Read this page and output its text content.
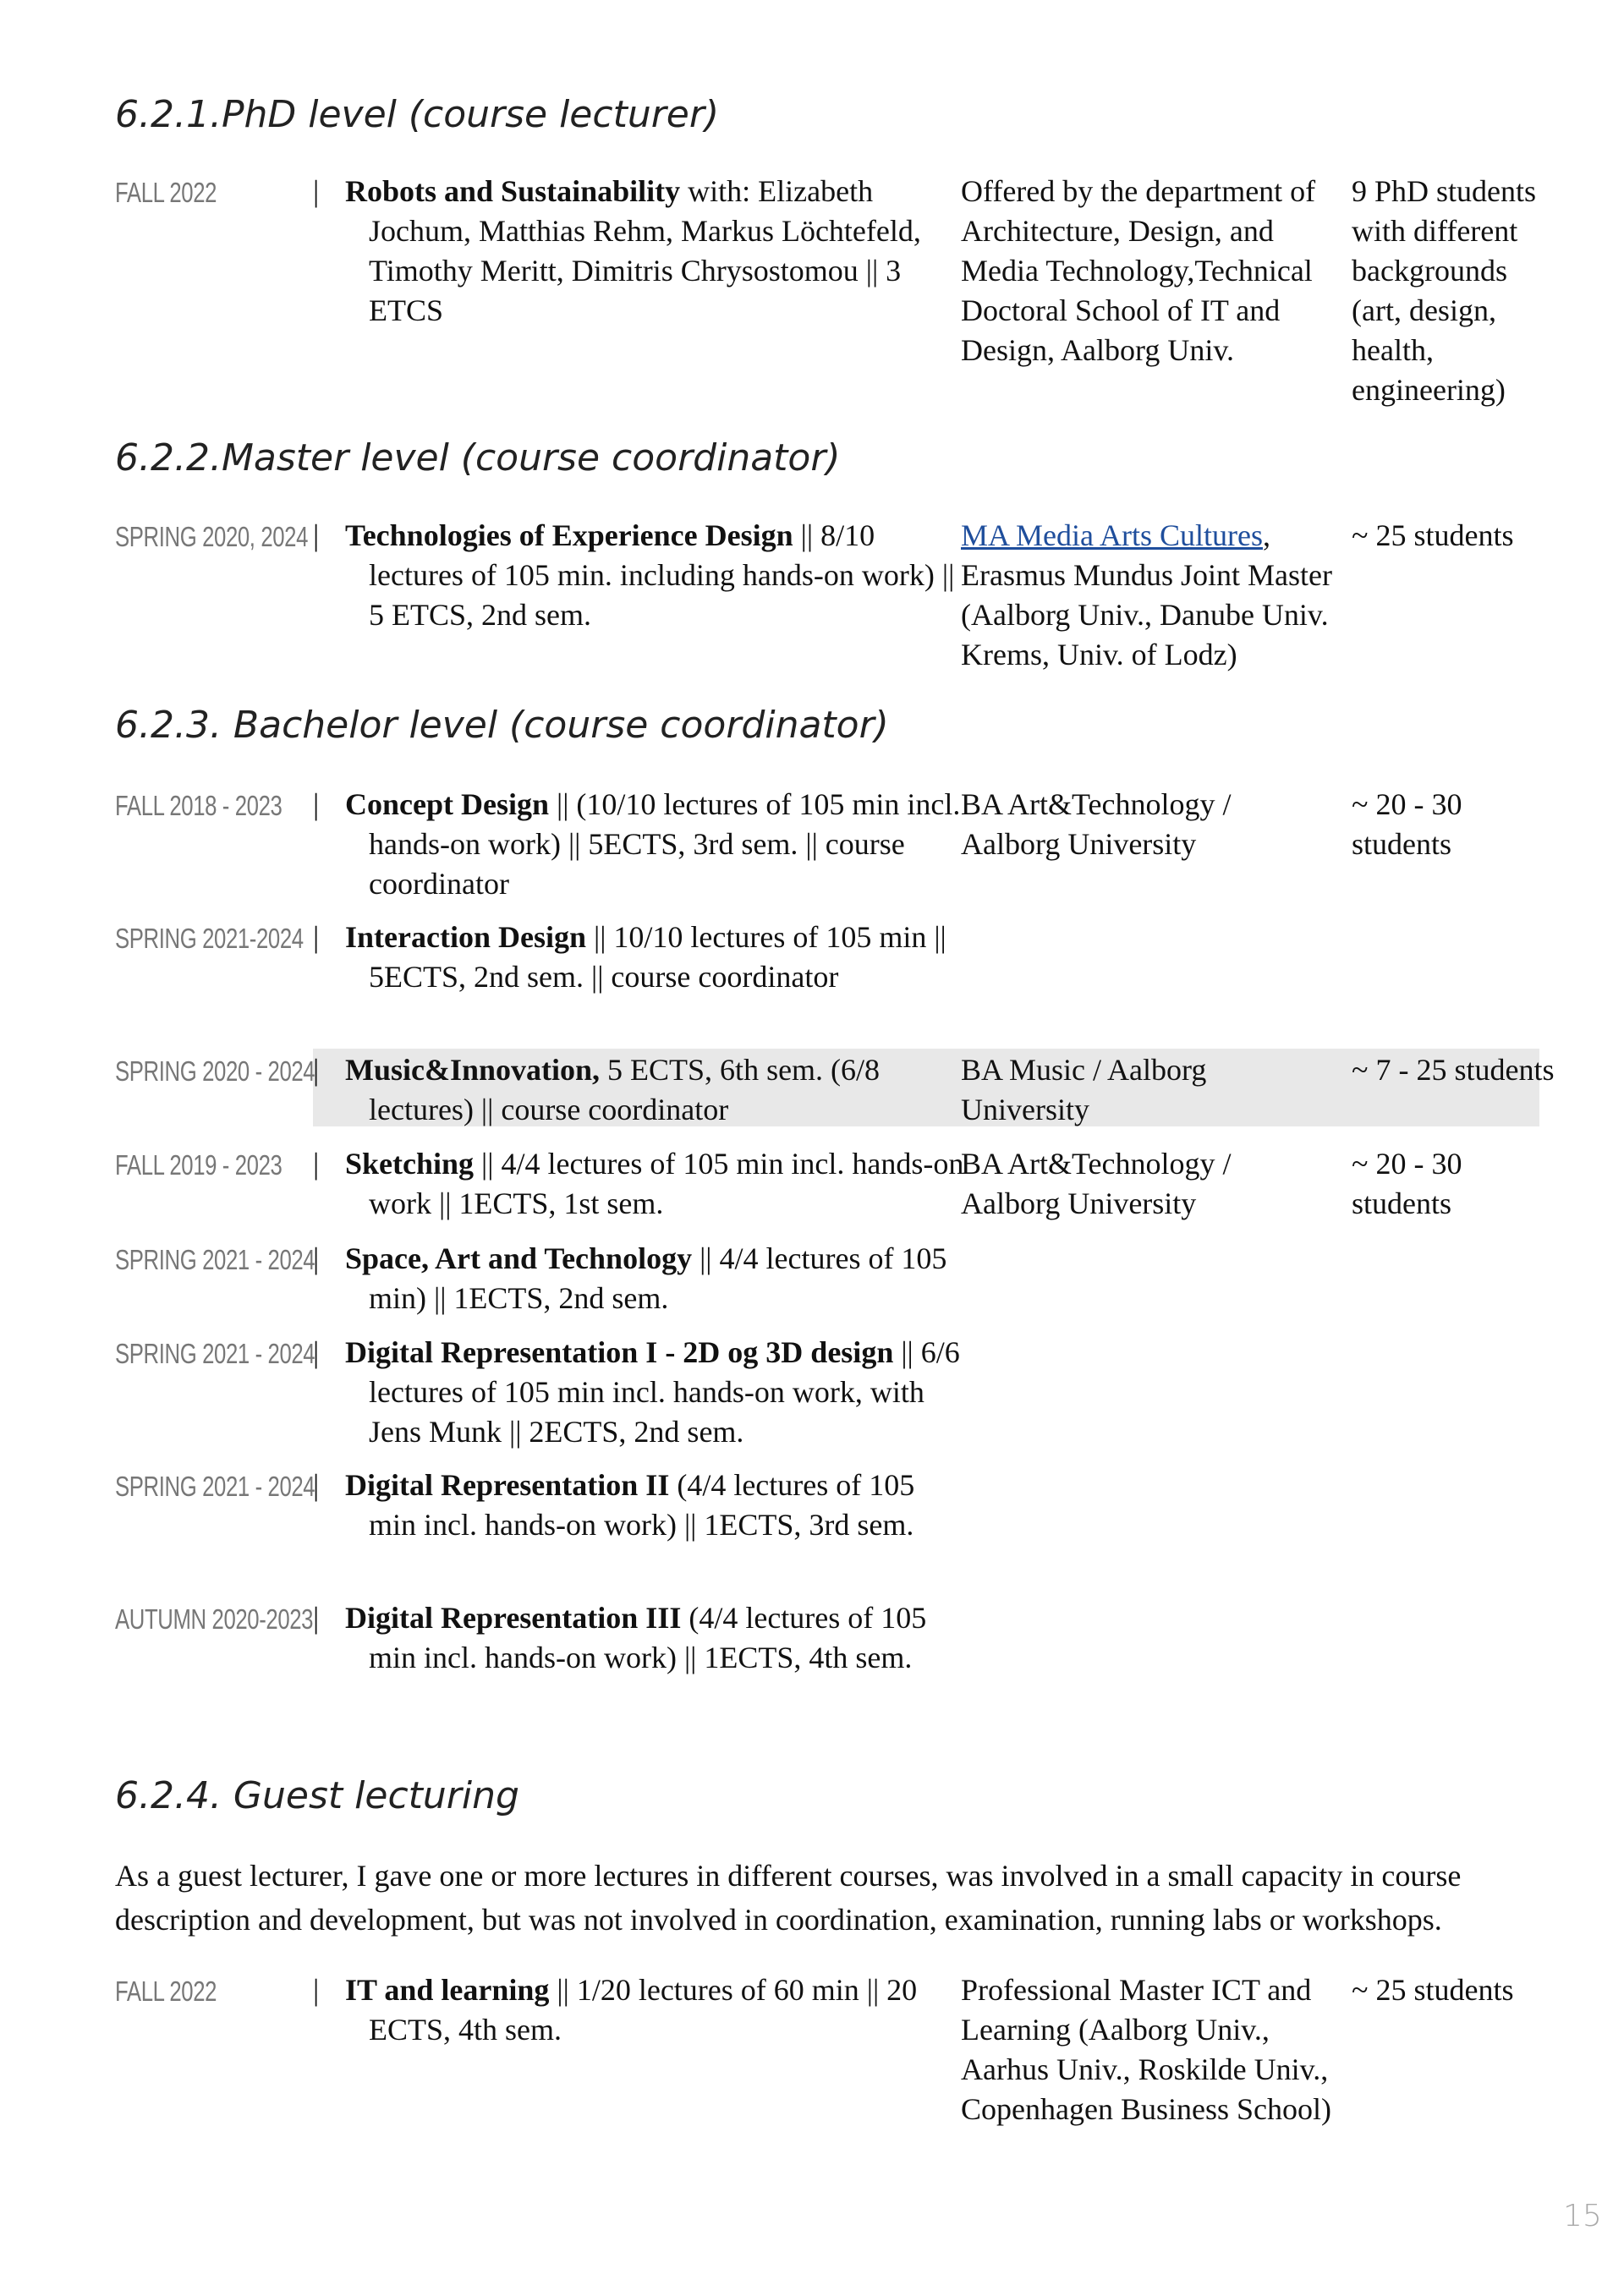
6.2.1.PhD level (course lecturer)
FALL 2022	| Robots and Sustainability with: Elizabeth Jochum, Matthias Rehm, Markus Löchtefeld, Timothy Meritt, Dimitris Chrysostomou || 3 ETCS
Offered by the department of Architecture, Design, and Media Technology,Technical Doctoral School of IT and Design, Aalborg Univ.
9 PhD students with different backgrounds (art, design, health, engineering)
6.2.2.Master level (course coordinator)
SPRING 2020, 2024 | Technologies of Experience Design || 8/10 lectures of 105 min. including hands-on work) || 5 ETCS, 2nd sem.
MA Media Arts Cultures, Erasmus Mundus Joint Master (Aalborg Univ., Danube Univ. Krems, Univ. of Lodz)
~ 25 students
6.2.3. Bachelor level (course coordinator)
FALL 2018 - 2023 | Concept Design || (10/10 lectures of 105 min incl. hands-on work) || 5ECTS, 3rd sem. || course coordinator
BA Art&Technology / Aalborg University
~ 20 - 30 students
SPRING 2021-2024 | Interaction Design || 10/10 lectures of 105 min || 5ECTS, 2nd sem. || course coordinator
SPRING 2020 - 2024
| Music&Innovation, 5 ECTS, 6th sem. (6/8 lectures) || course coordinator
BA Music / Aalborg University
~ 7 - 25 students
FALL 2019 - 2023 | Sketching || 4/4 lectures of 105 min incl. hands-on work || 1ECTS, 1st sem.
BA Art&Technology / Aalborg University
~ 20 - 30 students
SPRING 2021 - 2024
| Space, Art and Technology || 4/4 lectures of 105 min) || 1ECTS, 2nd sem.
SPRING 2021 - 2024
| Digital Representation I - 2D og 3D design || 6/6 lectures of 105 min incl. hands-on work, with Jens Munk || 2ECTS, 2nd sem.
SPRING 2021 - 2024
| Digital Representation II (4/4 lectures of 105 min incl. hands-on work) || 1ECTS, 3rd sem.
AUTUMN 2020-2023 | Digital Representation III (4/4 lectures of 105 min incl. hands-on work) || 1ECTS, 4th sem.
6.2.4. Guest lecturing

As a guest lecturer, I gave one or more lectures in different courses, was involved in a small capacity in course description and development, but was not involved in coordination, examination, running labs or workshops.

FALL 2022	| IT and learning || 1/20 lectures of 60 min || 20 ECTS, 4th sem.
Professional Master ICT and Learning (Aalborg Univ., Aarhus Univ., Roskilde Univ., Copenhagen Business School)
~ 25 students
15
